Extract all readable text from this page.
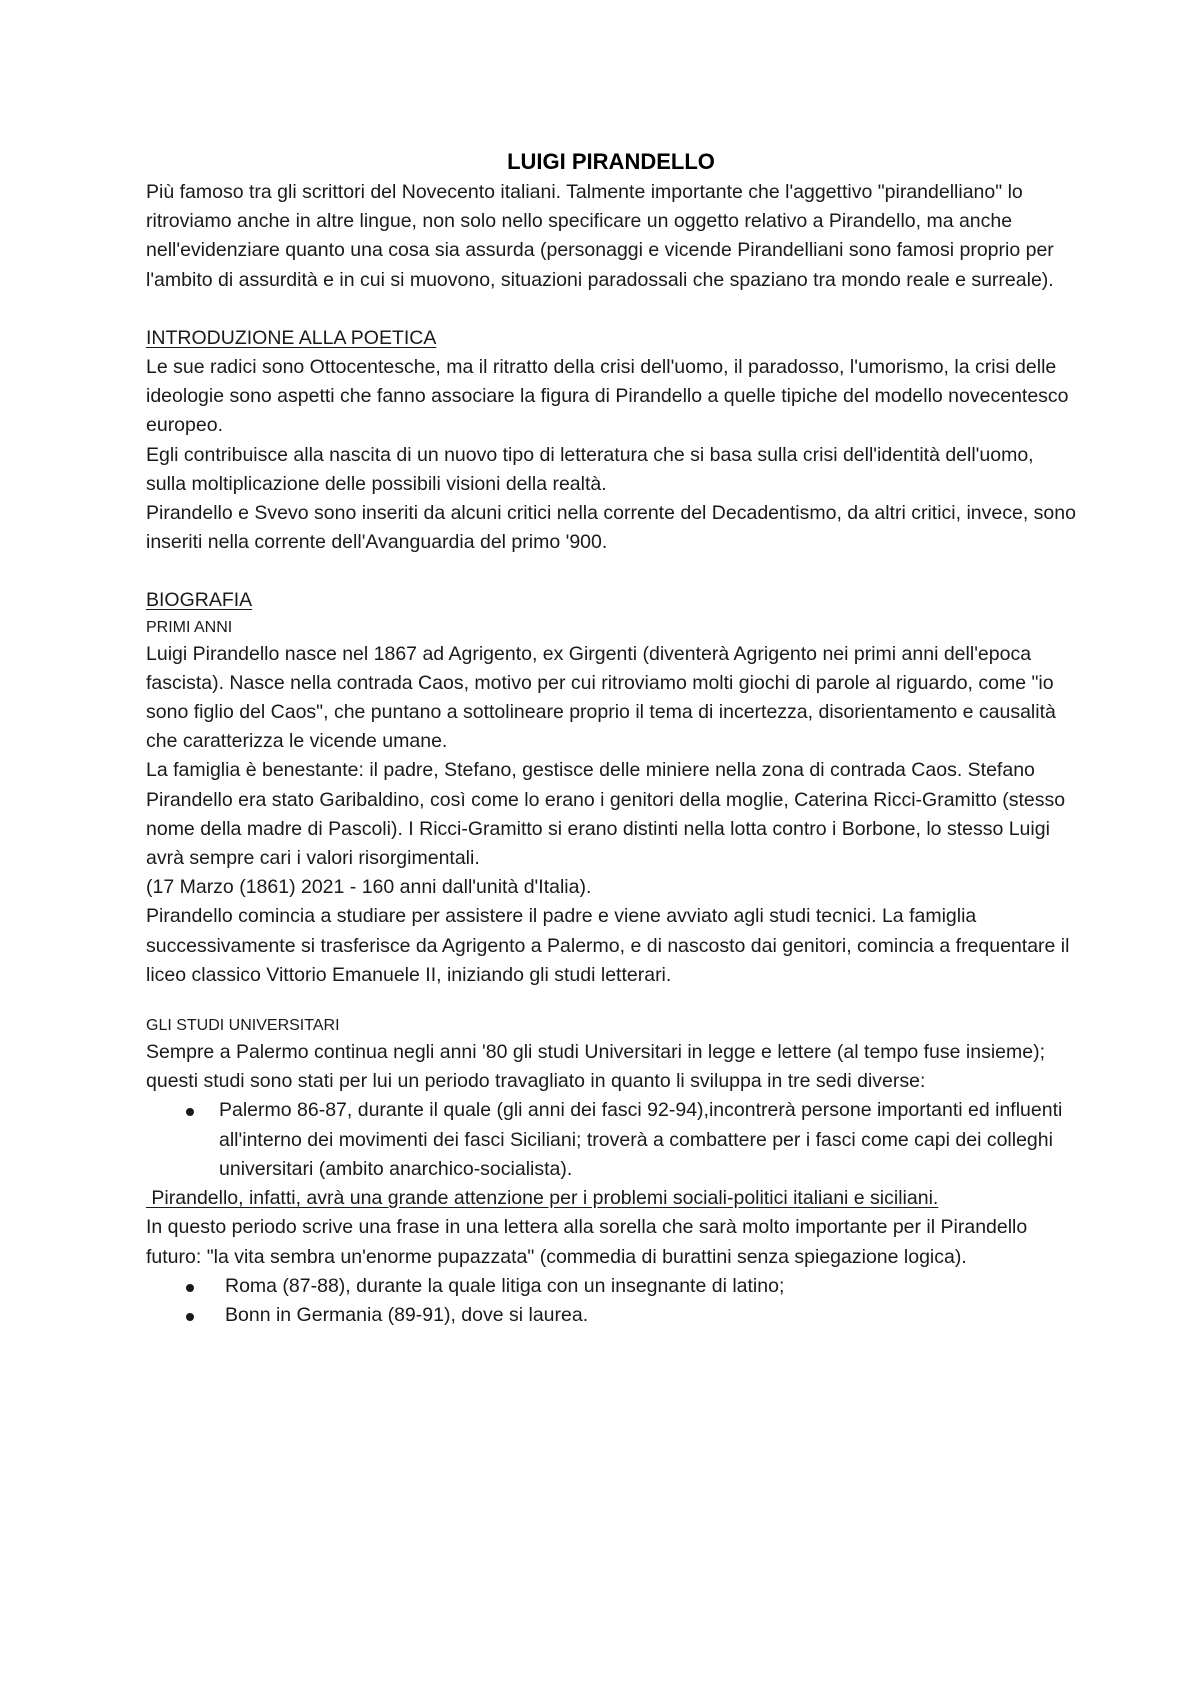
LUIGI PIRANDELLO

Più famoso tra gli scrittori del Novecento italiani. Talmente importante che l'aggettivo "pirandelliano" lo ritroviamo anche in altre lingue, non solo nello specificare un oggetto relativo a Pirandello, ma anche nell'evidenziare quanto una cosa sia assurda (personaggi e vicende Pirandelliani sono famosi proprio per l'ambito di assurdità e in cui si muovono, situazioni paradossali che spaziano tra mondo reale e surreale).

INTRODUZIONE ALLA POETICA

Le sue radici sono Ottocentesche, ma il ritratto della crisi dell'uomo, il paradosso, l'umorismo, la crisi delle ideologie sono aspetti che fanno associare la figura di Pirandello a quelle tipiche del modello novecentesco europeo.

Egli contribuisce alla nascita di un nuovo tipo di letteratura che si basa sulla crisi dell'identità dell'uomo, sulla moltiplicazione delle possibili visioni della realtà.

Pirandello e Svevo sono inseriti da alcuni critici nella corrente del Decadentismo, da altri critici, invece, sono inseriti nella corrente dell'Avanguardia del primo '900.

BIOGRAFIA
PRIMI ANNI

Luigi Pirandello nasce nel 1867 ad Agrigento, ex Girgenti (diventerà Agrigento nei primi anni dell'epoca fascista). Nasce nella contrada Caos, motivo per cui ritroviamo molti giochi di parole al riguardo, come "io sono figlio del Caos", che puntano a sottolineare proprio il tema di incertezza, disorientamento e causalità che caratterizza le vicende umane.

La famiglia è benestante: il padre, Stefano, gestisce delle miniere nella zona di contrada Caos. Stefano Pirandello era stato Garibaldino, così come lo erano i genitori della moglie, Caterina Ricci-Gramitto (stesso nome della madre di Pascoli). I Ricci-Gramitto si erano distinti nella lotta contro i Borbone, lo stesso Luigi avrà sempre cari i valori risorgimentali.

(17 Marzo (1861) 2021 - 160 anni dall'unità d'Italia).

Pirandello comincia a studiare per assistere il padre e viene avviato agli studi tecnici. La famiglia successivamente si trasferisce da Agrigento a Palermo, e di nascosto dai genitori, comincia a frequentare il liceo classico Vittorio Emanuele II, iniziando gli studi letterari.

GLI STUDI UNIVERSITARI

Sempre a Palermo continua negli anni '80 gli studi Universitari in legge e lettere (al tempo fuse insieme); questi studi sono stati per lui un periodo travagliato in quanto li sviluppa in tre sedi diverse:

Palermo 86-87, durante il quale (gli anni dei fasci 92-94),incontrerà persone importanti ed influenti all'interno dei movimenti dei fasci Siciliani; troverà a combattere per i fasci come capi dei colleghi universitari (ambito anarchico-socialista).

Pirandello, infatti, avrà una grande attenzione per i problemi sociali-politici italiani e siciliani.

In questo periodo scrive una frase in una lettera alla sorella che sarà molto importante per il Pirandello futuro: "la vita sembra un'enorme pupazzata" (commedia di burattini senza spiegazione logica).

Roma (87-88), durante la quale litiga con un insegnante di latino;
Bonn in Germania (89-91), dove si laurea.
